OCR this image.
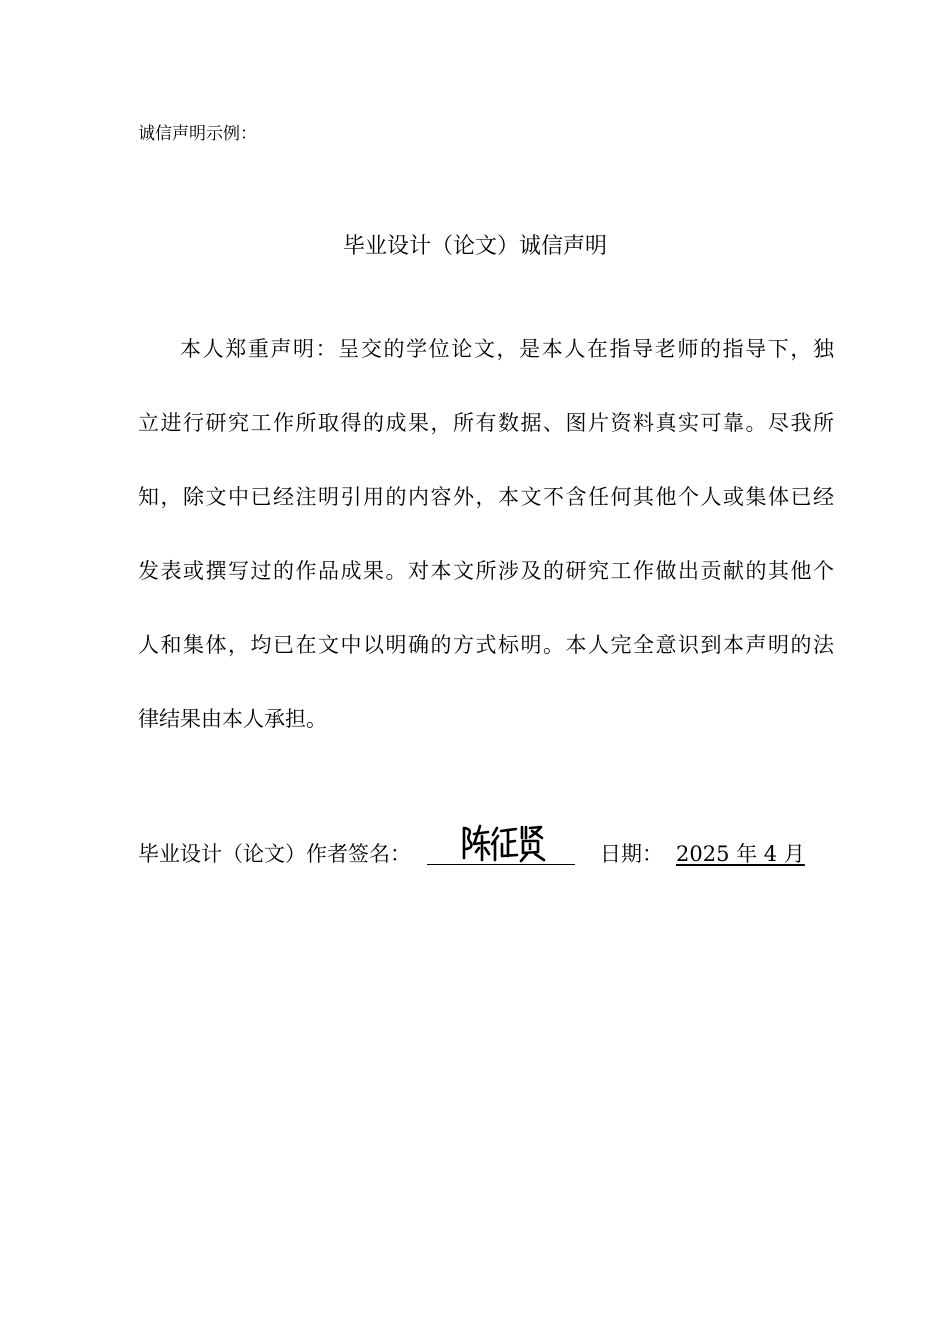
诚信声明示例：
毕业设计（论文）诚信声明
本人郑重声明：呈交的学位论文，是本人在指导老师的指导下，独
立进行研究工作所取得的成果，所有数据、图片资料真实可靠。尽我所
知，除文中已经注明引用的内容外，本文不含任何其他个人或集体已经
发表或撰写过的作品成果。对本文所涉及的研究工作做出贡献的其他个
人和集体，均已在文中以明确的方式标明。本人完全意识到本声明的法
律结果由本人承担。
毕业设计（论文）作者签名：	日期： 2025 年 4 月
